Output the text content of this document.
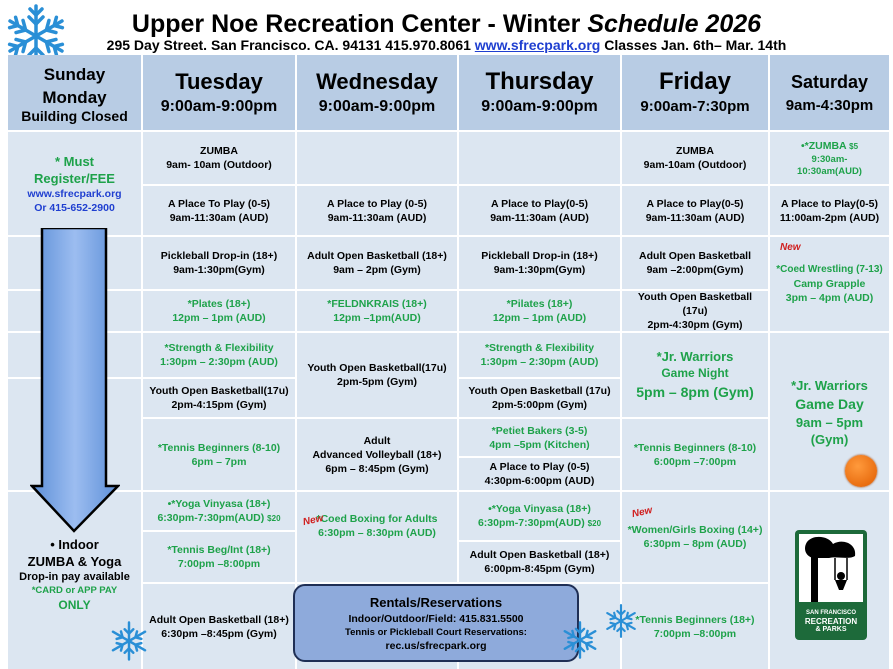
Upper Noe Recreation Center - Winter Schedule 2026
295 Day Street. San Francisco. CA. 94131 415.970.8061 www.sfrecpark.org Classes Jan. 6th– Mar. 14th
Sunday
Monday
Building Closed
Tuesday
9:00am-9:00pm
Wednesday
9:00am-9:00pm
Thursday
9:00am-9:00pm
Friday
9:00am-7:30pm
Saturday
9am-4:30pm
* Must
Register/FEE
www.sfrecpark.org
Or 415-652-2900
• Indoor
ZUMBA & Yoga
Drop-in pay available
*CARD or APP PAY
ONLY
ZUMBA
9am- 10am (Outdoor)
A Place To Play (0-5)
9am-11:30am (AUD)
Pickleball Drop-in (18+)
9am-1:30pm(Gym)
*Plates (18+)
12pm – 1pm (AUD)
*Strength & Flexibility
1:30pm – 2:30pm (AUD)
Youth Open Basketball(17u)
2pm-4:15pm (Gym)
*Tennis Beginners (8-10)
6pm – 7pm
•*Yoga Vinyasa (18+)
6:30pm-7:30pm(AUD) $20
*Tennis Beg/Int (18+)
7:00pm –8:00pm
Adult Open Basketball (18+)
6:30pm –8:45pm (Gym)
A Place to Play (0-5)
9am-11:30am (AUD)
Adult Open Basketball (18+)
9am – 2pm (Gym)
*FELDNKRAIS (18+)
12pm –1pm(AUD)
Youth Open Basketball(17u)
2pm-5pm (Gym)
Adult
Advanced Volleyball (18+)
6pm – 8:45pm (Gym)
New
*Coed Boxing for Adults
6:30pm – 8:30pm (AUD)
A Place to Play(0-5)
9am-11:30am (AUD)
Pickleball Drop-in (18+)
9am-1:30pm(Gym)
*Pilates (18+)
12pm – 1pm (AUD)
*Strength & Flexibility
1:30pm – 2:30pm (AUD)
Youth Open Basketball (17u)
2pm-5:00pm (Gym)
*Petiet Bakers (3-5)
4pm –5pm (Kitchen)
A Place to Play (0-5)
4:30pm-6:00pm (AUD)
•*Yoga Vinyasa (18+)
6:30pm-7:30pm(AUD) $20
Adult Open Basketball (18+)
6:00pm-8:45pm (Gym)
ZUMBA
9am-10am (Outdoor)
A Place to Play(0-5)
9am-11:30am (AUD)
Adult Open Basketball
9am –2:00pm(Gym)
Youth Open Basketball (17u)
2pm-4:30pm (Gym)
*Jr. Warriors
Game Night
5pm – 8pm (Gym)
*Tennis Beginners (8-10)
6:00pm –7:00pm
New
*Women/Girls Boxing (14+)
6:30pm – 8pm (AUD)
*Tennis Beginners (18+)
7:00pm –8:00pm
•*ZUMBA $5
9:30am-
10:30am(AUD)
A Place to Play(0-5)
11:00am-2pm (AUD)
New
*Coed Wrestling (7-13)
Camp Grapple
3pm – 4pm (AUD)
*Jr. Warriors
Game Day
9am – 5pm
(Gym)
SAN FRANCISCO
RECREATION
& PARKS
Rentals/Reservations
Indoor/Outdoor/Field: 415.831.5500
Tennis or Pickleball Court Reservations:
rec.us/sfrecpark.org
